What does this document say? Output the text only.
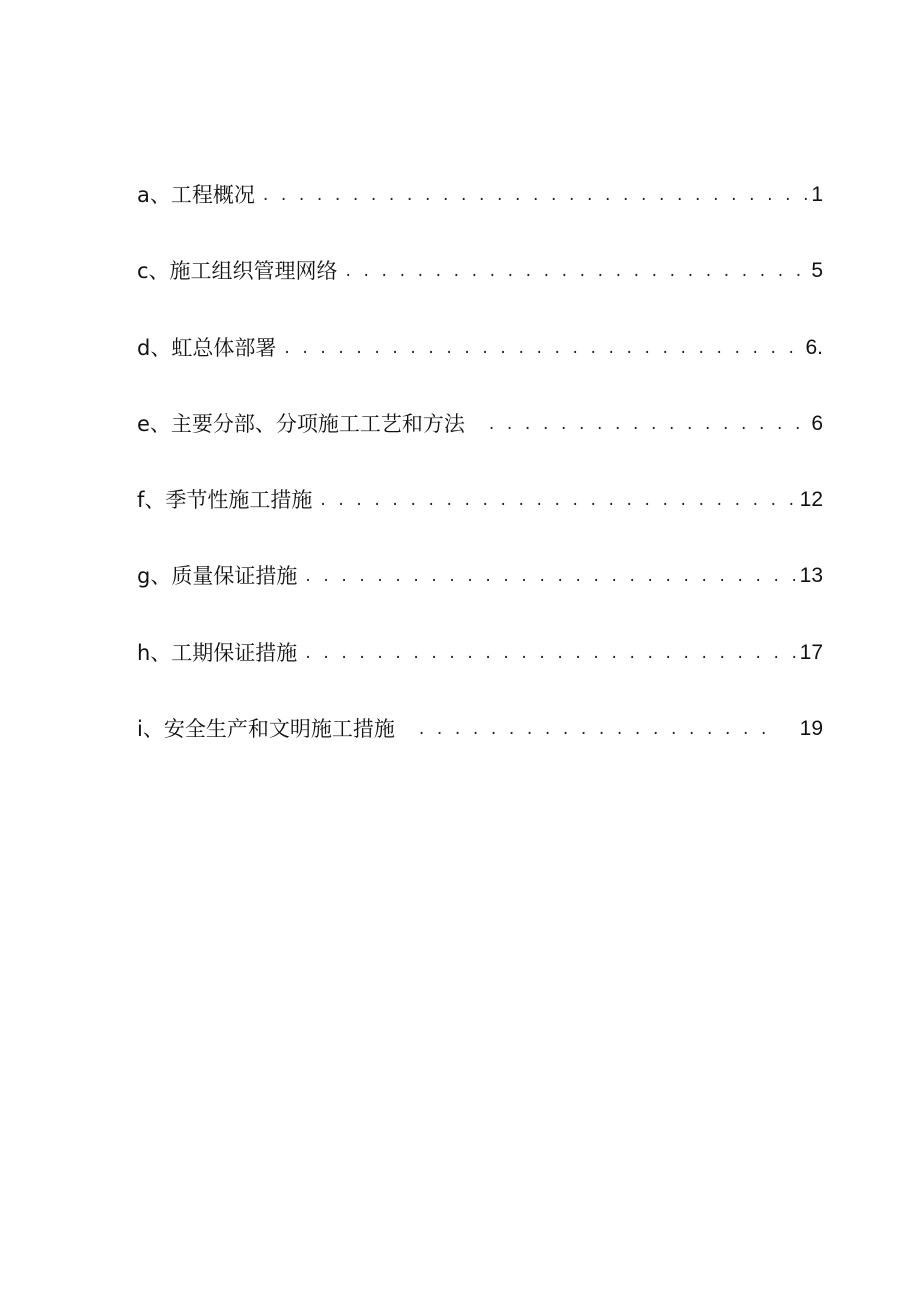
a、工程概况 . . .	1
c、施工组织管理网络 . . .	5
d、虹总体部署 . . .	6.
e、主要分部、分项施工工艺和方法 . . .	6
f、季节性施工措施 . . .	12
g、质量保证措施 . . .	13
h、工期保证措施 . . .	17
i、安全生产和文明施工措施 . . .	19
